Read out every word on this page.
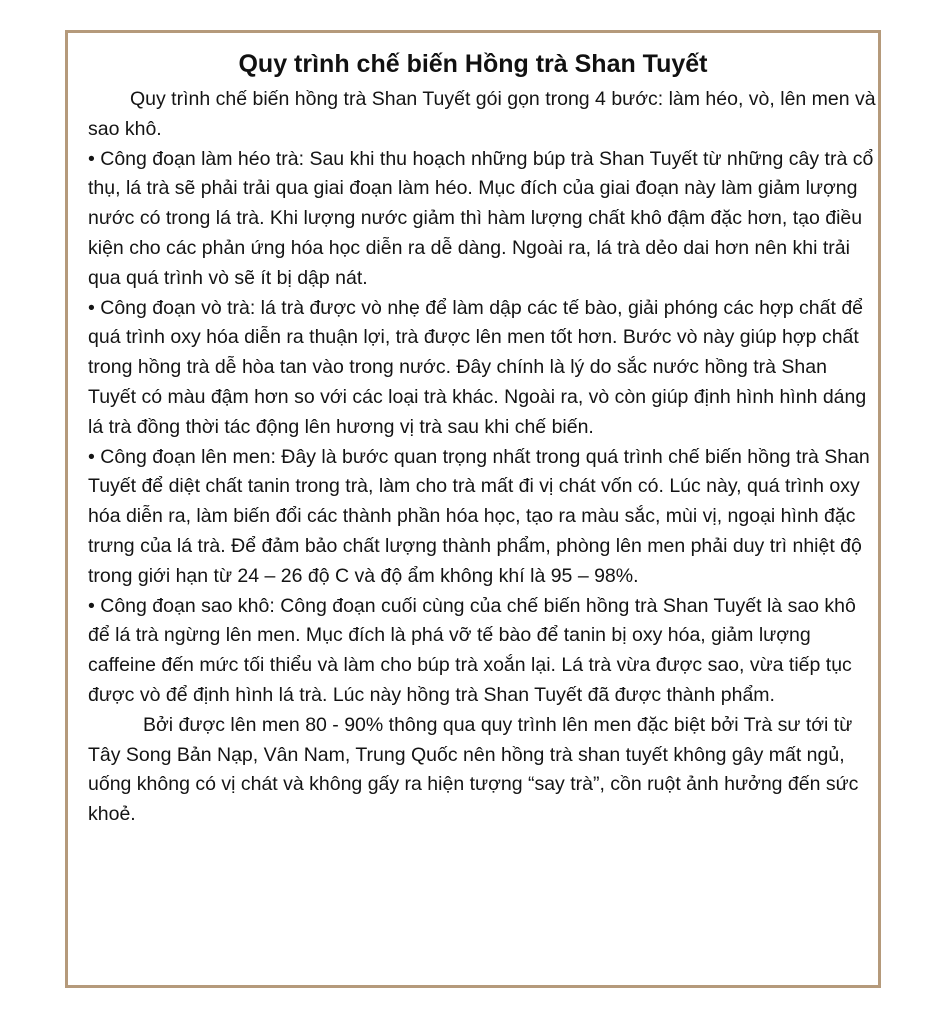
Quy trình chế biến Hồng trà Shan Tuyết

Quy trình chế biến hồng trà Shan Tuyết gói gọn trong 4 bước: làm héo, vò, lên men và sao khô.

• Công đoạn làm héo trà: Sau khi thu hoạch những búp trà Shan Tuyết từ những cây trà cổ thụ, lá trà sẽ phải trải qua giai đoạn làm héo. Mục đích của giai đoạn này làm giảm lượng nước có trong lá trà. Khi lượng nước giảm thì hàm lượng chất khô đậm đặc hơn, tạo điều kiện cho các phản ứng hóa học diễn ra dễ dàng. Ngoài ra, lá trà dẻo dai hơn nên khi trải qua quá trình vò sẽ ít bị dập nát.

• Công đoạn vò trà: lá trà được vò nhẹ để làm dập các tế bào, giải phóng các hợp chất để quá trình oxy hóa diễn ra thuận lợi, trà được lên men tốt hơn. Bước vò này giúp hợp chất trong hồng trà dễ hòa tan vào trong nước. Đây chính là lý do sắc nước hồng trà Shan Tuyết có màu đậm hơn so với các loại trà khác. Ngoài ra, vò còn giúp định hình hình dáng lá trà đồng thời tác động lên hương vị trà sau khi chế biến.

• Công đoạn lên men: Đây là bước quan trọng nhất trong quá trình chế biến hồng trà Shan Tuyết để diệt chất tanin trong trà, làm cho trà mất đi vị chát vốn có. Lúc này, quá trình oxy hóa diễn ra, làm biến đổi các thành phần hóa học, tạo ra màu sắc, mùi vị, ngoại hình đặc trưng của lá trà. Để đảm bảo chất lượng thành phẩm, phòng lên men phải duy trì nhiệt độ trong giới hạn từ 24 – 26 độ C và độ ẩm không khí là 95 – 98%.

• Công đoạn sao khô: Công đoạn cuối cùng của chế biến hồng trà Shan Tuyết là sao khô để lá trà ngừng lên men. Mục đích là phá vỡ tế bào để tanin bị oxy hóa, giảm lượng caffeine đến mức tối thiểu và làm cho búp trà xoắn lại. Lá trà vừa được sao, vừa tiếp tục được vò để định hình lá trà. Lúc này hồng trà Shan Tuyết đã được thành phẩm.

Bởi được lên men 80 - 90% thông qua quy trình lên men đặc biệt bởi Trà sư tới từ Tây Song Bản Nạp, Vân Nam, Trung Quốc nên hồng trà shan tuyết không gây mất ngủ, uống không có vị chát và không gấy ra hiện tượng “say trà”, cồn ruột ảnh hưởng đến sức khoẻ.
